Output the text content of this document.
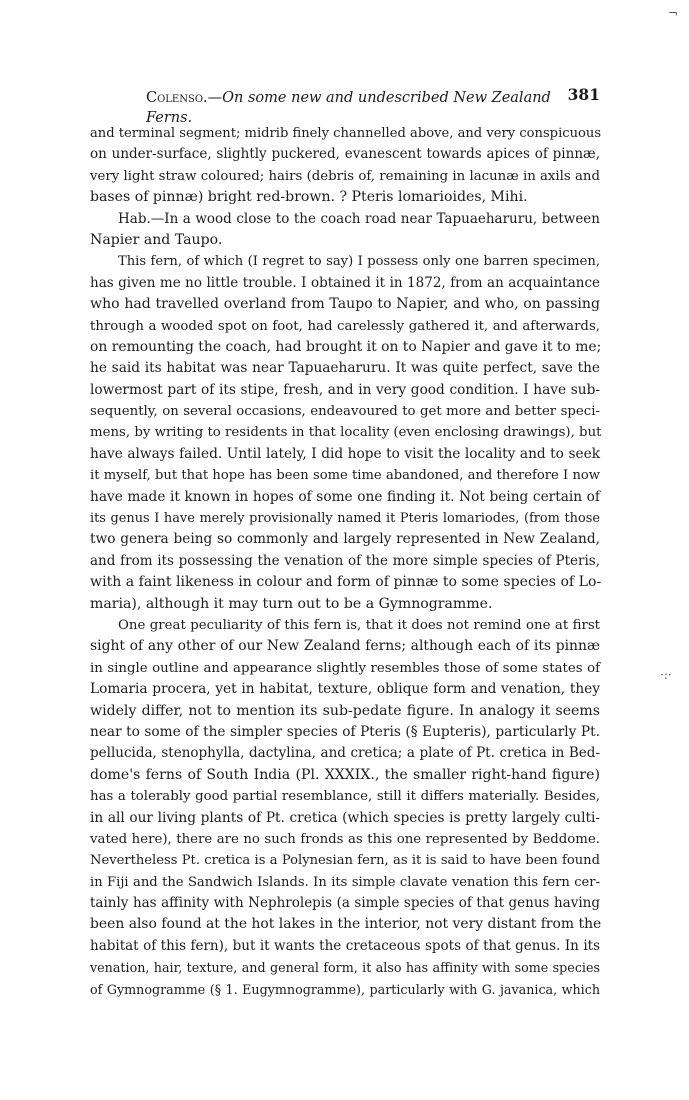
Colenso.—On some new and undescribed New Zealand Ferns.
381
and terminal segment; midrib finely channelled above, and very conspicuous
on under-surface, slightly puckered, evanescent towards apices of pinnæ,
very light straw coloured; hairs (debris of, remaining in lacunæ in axils and
bases of pinnæ) bright red-brown. ? Pteris lomarioides, Mihi.
Hab.—In a wood close to the coach road near Tapuaeharuru, between
Napier and Taupo.
This fern, of which (I regret to say) I possess only one barren specimen,
has given me no little trouble. I obtained it in 1872, from an acquaintance
who had travelled overland from Taupo to Napier, and who, on passing
through a wooded spot on foot, had carelessly gathered it, and afterwards,
on remounting the coach, had brought it on to Napier and gave it to me;
he said its habitat was near Tapuaeharuru. It was quite perfect, save the
lowermost part of its stipe, fresh, and in very good condition. I have sub-
sequently, on several occasions, endeavoured to get more and better speci-
mens, by writing to residents in that locality (even enclosing drawings), but
have always failed. Until lately, I did hope to visit the locality and to seek
it myself, but that hope has been some time abandoned, and therefore I now
have made it known in hopes of some one finding it. Not being certain of
its genus I have merely provisionally named it Pteris lomariodes, (from those
two genera being so commonly and largely represented in New Zealand,
and from its possessing the venation of the more simple species of Pteris,
with a faint likeness in colour and form of pinnæ to some species of Lo-
maria), although it may turn out to be a Gymnogramme.
One great peculiarity of this fern is, that it does not remind one at first
sight of any other of our New Zealand ferns; although each of its pinnæ
in single outline and appearance slightly resembles those of some states of
Lomaria procera, yet in habitat, texture, oblique form and venation, they
widely differ, not to mention its sub-pedate figure. In analogy it seems
near to some of the simpler species of Pteris (§ Eupteris), particularly Pt.
pellucida, stenophylla, dactylina, and cretica; a plate of Pt. cretica in Bed-
dome's ferns of South India (Pl. XXXIX., the smaller right-hand figure)
has a tolerably good partial resemblance, still it differs materially. Besides,
in all our living plants of Pt. cretica (which species is pretty largely culti-
vated here), there are no such fronds as this one represented by Beddome.
Nevertheless Pt. cretica is a Polynesian fern, as it is said to have been found
in Fiji and the Sandwich Islands. In its simple clavate venation this fern cer-
tainly has affinity with Nephrolepis (a simple species of that genus having
been also found at the hot lakes in the interior, not very distant from the
habitat of this fern), but it wants the cretaceous spots of that genus. In its
venation, hair, texture, and general form, it also has affinity with some species
of Gymnogramme (§ 1. Eugymnogramme), particularly with G. javanica, which
¬
·:·
